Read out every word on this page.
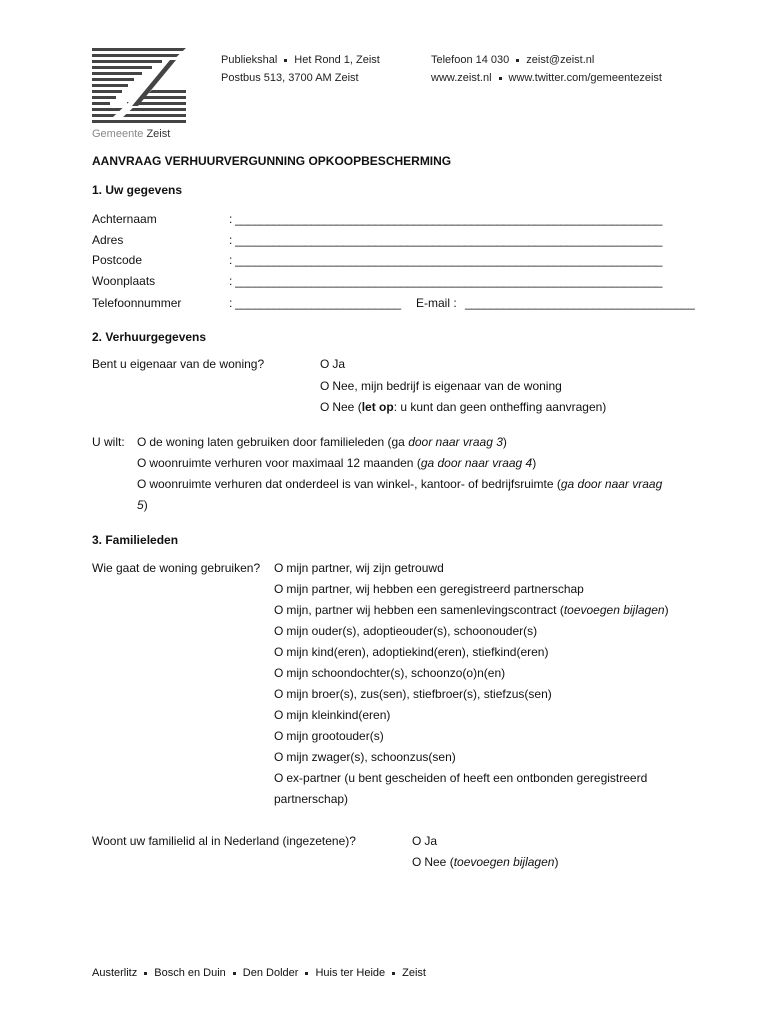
Gemeente Zeist
Publiekshal Het Rond 1, Zeist
Postbus 513, 3700 AM Zeist
Telefoon 14 030 zeist@zeist.nl
www.zeist.nl www.twitter.com/gemeentezeist
AANVRAAG VERHUURVERGUNNING OPKOOPBESCHERMING
1. Uw gegevens
Achternaam	: ___________________________________________________________________
Adres	: ___________________________________________________________________
Postcode	: ___________________________________________________________________
Woonplaats	: ___________________________________________________________________
Telefoonnummer	: __________________________ E-mail : ____________________________________
2. Verhuurgegevens
Bent u eigenaar van de woning?	O Ja
O Nee, mijn bedrijf is eigenaar van de woning
O Nee (let op: u kunt dan geen ontheffing aanvragen)
U wilt: O de woning laten gebruiken door familieleden (ga door naar vraag 3)
O woonruimte verhuren voor maximaal 12 maanden (ga door naar vraag 4)
O woonruimte verhuren dat onderdeel is van winkel-, kantoor- of bedrijfsruimte (ga door naar vraag
5)
3. Familieleden
Wie gaat de woning gebruiken? O mijn partner, wij zijn getrouwd
O mijn partner, wij hebben een geregistreerd partnerschap
O mijn, partner wij hebben een samenlevingscontract (toevoegen bijlagen)
O mijn ouder(s), adoptieouder(s), schoonouder(s)
O mijn kind(eren), adoptiekind(eren), stiefkind(eren)
O mijn schoondochter(s), schoonzo(o)n(en)
O mijn broer(s), zus(sen), stiefbroer(s), stiefzus(sen)
O mijn kleinkind(eren)
O mijn grootouder(s)
O mijn zwager(s), schoonzus(sen)
O ex-partner (u bent gescheiden of heeft een ontbonden geregistreerd
partnerschap)
Woont uw familielid al in Nederland (ingezetene)?	O Ja
O Nee (toevoegen bijlagen)
Austerlitz Bosch en Duin Den Dolder Huis ter Heide Zeist
